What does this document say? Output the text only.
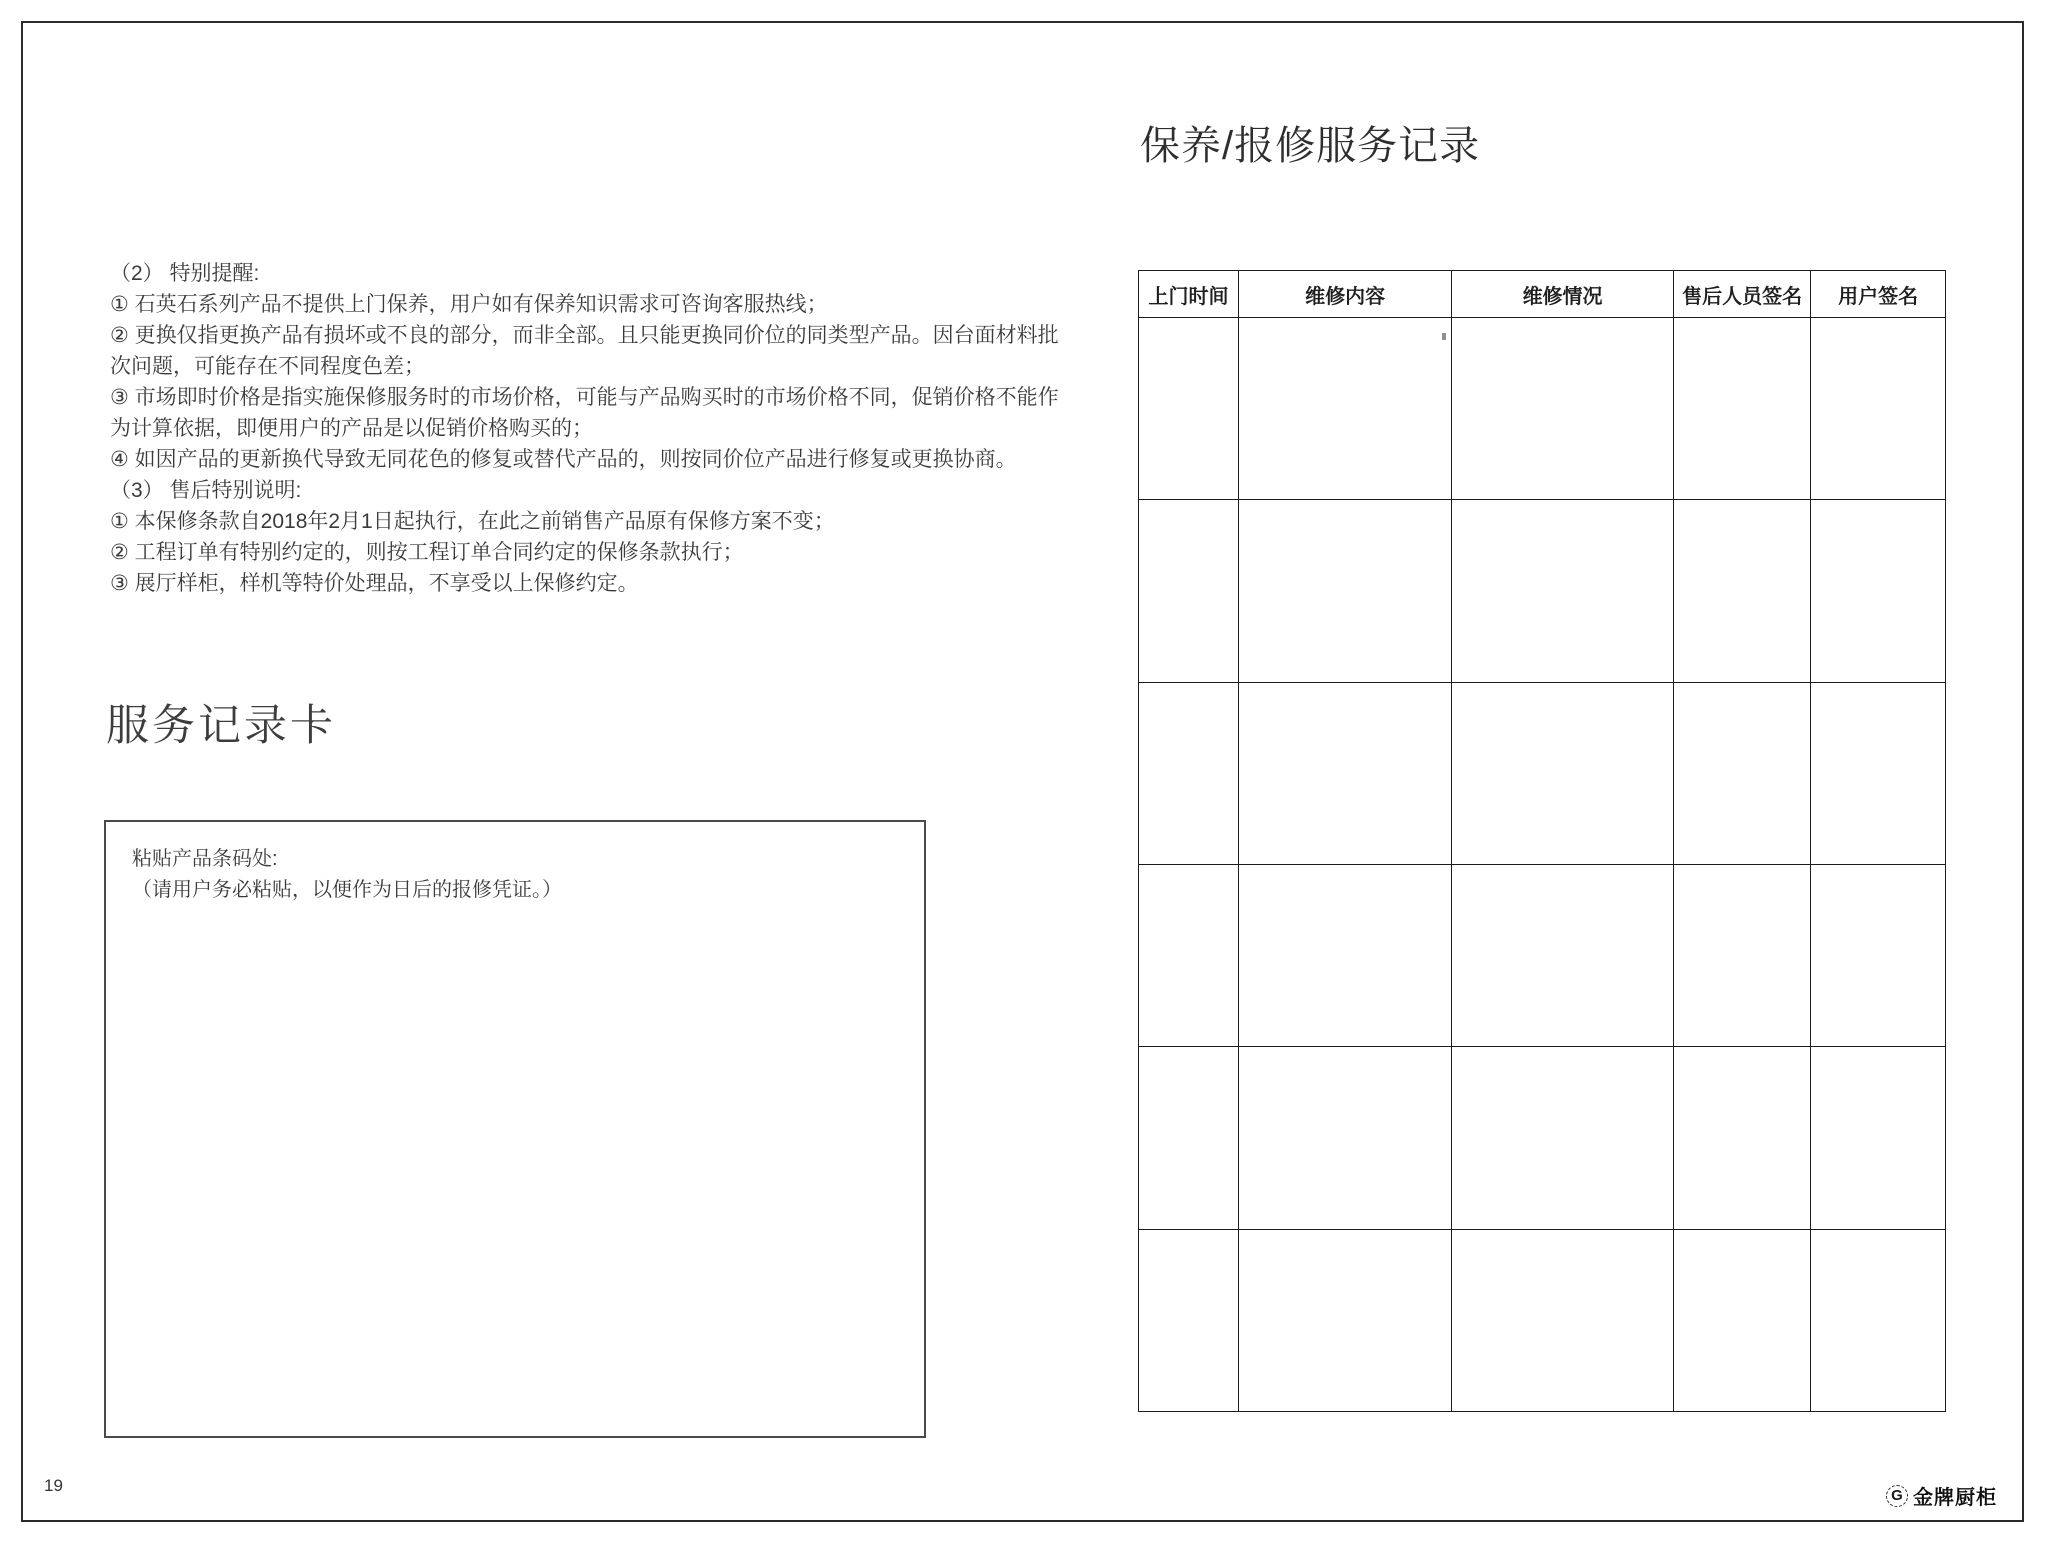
（2） 特别提醒:
① 石英石系列产品不提供上门保养，用户如有保养知识需求可咨询客服热线；
② 更换仅指更换产品有损坏或不良的部分，而非全部。且只能更换同价位的同类型产品。因台面材料批
次问题，可能存在不同程度色差；
③ 市场即时价格是指实施保修服务时的市场价格，可能与产品购买时的市场价格不同，促销价格不能作
为计算依据，即便用户的产品是以促销价格购买的；
④ 如因产品的更新换代导致无同花色的修复或替代产品的，则按同价位产品进行修复或更换协商。
（3） 售后特别说明:
① 本保修条款自2018年2月1日起执行，在此之前销售产品原有保修方案不变；
② 工程订单有特别约定的，则按工程订单合同约定的保修条款执行；
③ 展厅样柜，样机等特价处理品，不享受以上保修约定。
服务记录卡
粘贴产品条码处:
（请用户务必粘贴，以便作为日后的报修凭证。）
保养/报修服务记录
上门时间	维修内容	维修情况	售后人员签名	用户签名

19
G 金牌厨柜
